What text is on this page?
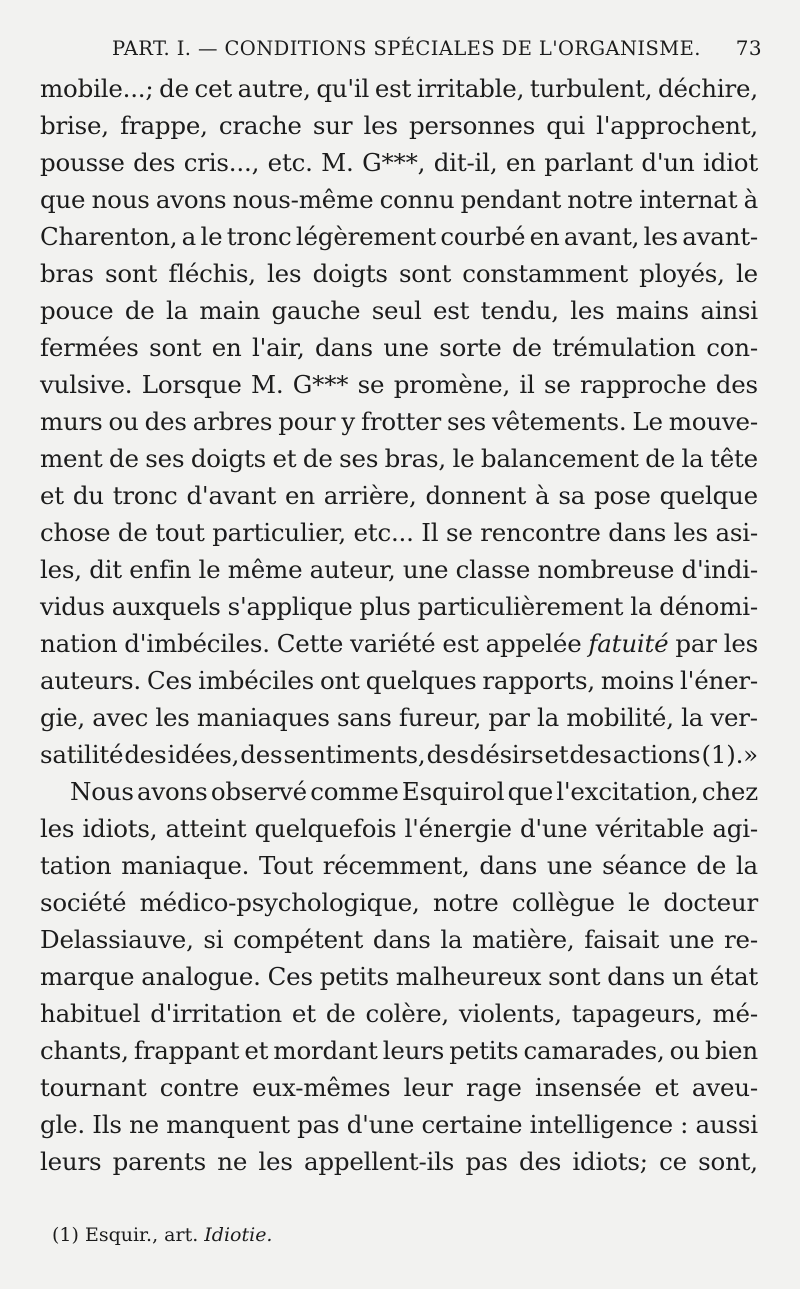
PART. I. — CONDITIONS SPÉCIALES DE L'ORGANISME. 73
mobile...; de cet autre, qu'il est irritable, turbulent, déchire,
brise, frappe, crache sur les personnes qui l'approchent,
pousse des cris..., etc. M. G***, dit-il, en parlant d'un idiot
que nous avons nous-même connu pendant notre internat à
Charenton, a le tronc légèrement courbé en avant, les avant-
bras sont fléchis, les doigts sont constamment ployés, le
pouce de la main gauche seul est tendu, les mains ainsi
fermées sont en l'air, dans une sorte de trémulation con-
vulsive. Lorsque M. G*** se promène, il se rapproche des
murs ou des arbres pour y frotter ses vêtements. Le mouve-
ment de ses doigts et de ses bras, le balancement de la tête
et du tronc d'avant en arrière, donnent à sa pose quelque
chose de tout particulier, etc... Il se rencontre dans les asi-
les, dit enfin le même auteur, une classe nombreuse d'indi-
vidus auxquels s'applique plus particulièrement la dénomi-
nation d'imbéciles. Cette variété est appelée fatuité par les
auteurs. Ces imbéciles ont quelques rapports, moins l'éner-
gie, avec les maniaques sans fureur, par la mobilité, la ver-
satilité des idées, des sentiments, des désirs et des actions (1).»
Nous avons observé comme Esquirol que l'excitation, chez
les idiots, atteint quelquefois l'énergie d'une véritable agi-
tation maniaque. Tout récemment, dans une séance de la
société médico-psychologique, notre collègue le docteur
Delassiauve, si compétent dans la matière, faisait une re-
marque analogue. Ces petits malheureux sont dans un état
habituel d'irritation et de colère, violents, tapageurs, mé-
chants, frappant et mordant leurs petits camarades, ou bien
tournant contre eux-mêmes leur rage insensée et aveu-
gle. Ils ne manquent pas d'une certaine intelligence : aussi
leurs parents ne les appellent-ils pas des idiots; ce sont,
(1) Esquir., art. Idiotie.
